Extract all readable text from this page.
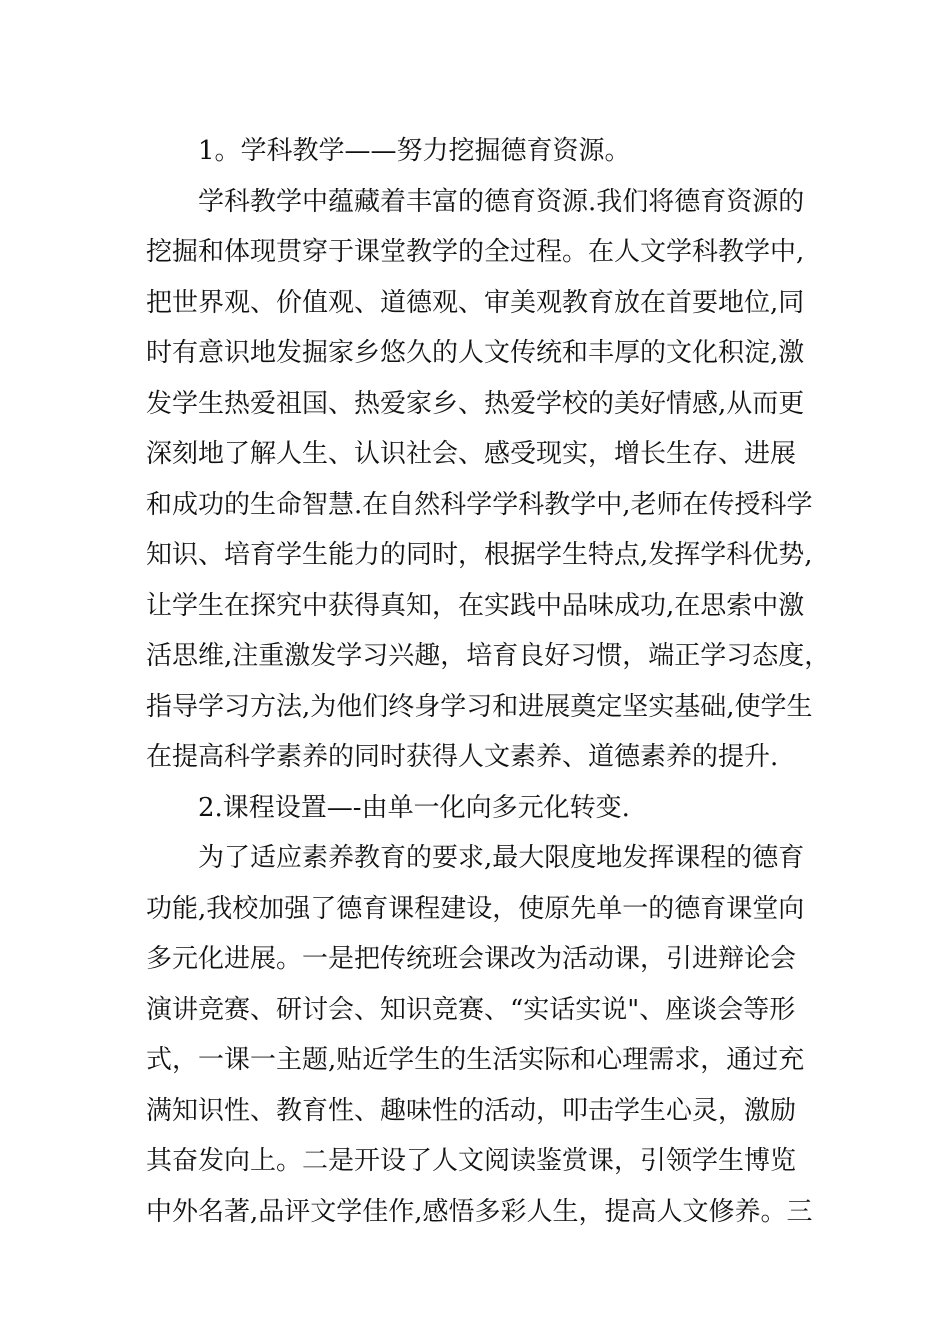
1。学科教学——努力挖掘德育资源。
学科教学中蕴藏着丰富的德育资源.我们将德育资源的
挖掘和体现贯穿于课堂教学的全过程。在人文学科教学中,
把世界观、价值观、道德观、审美观教育放在首要地位,同
时有意识地发掘家乡悠久的人文传统和丰厚的文化积淀,激
发学生热爱祖国、热爱家乡、热爱学校的美好情感,从而更
深刻地了解人生、认识社会、感受现实，增长生存、进展
和成功的生命智慧.在自然科学学科教学中,老师在传授科学
知识、培育学生能力的同时，根据学生特点,发挥学科优势,
让学生在探究中获得真知，在实践中品味成功,在思索中激
活思维,注重激发学习兴趣，培育良好习惯，端正学习态度，
指导学习方法,为他们终身学习和进展奠定坚实基础,使学生
在提高科学素养的同时获得人文素养、道德素养的提升.
2.课程设置—-由单一化向多元化转变.
为了适应素养教育的要求,最大限度地发挥课程的德育
功能,我校加强了德育课程建设，使原先单一的德育课堂向
多元化进展。一是把传统班会课改为活动课，引进辩论会
演讲竞赛、研讨会、知识竞赛、“实话实说"、座谈会等形
式，一课一主题,贴近学生的生活实际和心理需求，通过充
满知识性、教育性、趣味性的活动，叩击学生心灵，激励
其奋发向上。二是开设了人文阅读鉴赏课，引领学生博览
中外名著,品评文学佳作,感悟多彩人生，提高人文修养。三
